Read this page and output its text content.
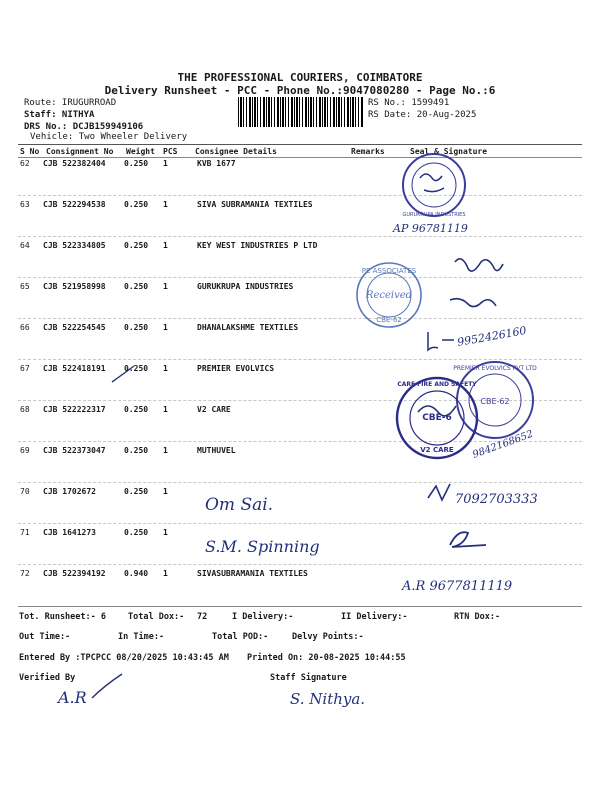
THE PROFESSIONAL COURIERS, COIMBATORE
Delivery Runsheet - PCC - Phone No.:9047080280 - Page No.:6
Route: IRUGURROAD
Staff: NITHYA
DRS No.: DCJB159949106
Vehicle: Two Wheeler Delivery
RS No.: 1599491
RS Date: 20-Aug-2025
S No Consignment No Weight PCS Consignee Details	Remarks	Seal & Signature
62 CJB 522382404 0.250 1	KVB 1677
63 CJB 522294538 0.250 1	SIVA SUBRAMANIA TEXTILES
64 CJB 522334805 0.250 1	KEY WEST INDUSTRIES P LTD
65 CJB 521958998 0.250 1	GURUKRUPA INDUSTRIES
66 CJB 522254545 0.250 1	DHANALAKSHME TEXTILES
67 CJB 522418191 0.250 1	PREMIER EVOLVICS
68 CJB 522222317 0.250 1	V2 CARE
69 CJB 522373047 0.250 1	MUTHUVEL
70 CJB 1702672	0.250 1
71 CJB 1641273	0.250 1
72 CJB 522394192 0.940 1	SIVASUBRAMANIA TEXTILES
GURUKRUPA INDUSTRIES
AP 96781119
PE ASSOCIATES
Received
CBE-62
9952426160
PREMIER EVOLVICS PVT LTD
CBE-62
CARE FIRE AND SAFETY
CBE-6
V2 CARE 9842168652
7092703333
A.R 9677811119
Om Sai.
S.M. Spinning
Tot. Runsheet:- 6	Total Dox:- 72	I Delivery:-	II Delivery:-	RTN Dox:-
Out Time:-	In Time:-	Total POD:-	Delvy Points:-
Entered By :TPCPCC 08/20/2025 10:43:45 AM Printed On: 20-08-2025 10:44:55
Verified By	Staff Signature
A.R	S. Nithya.
